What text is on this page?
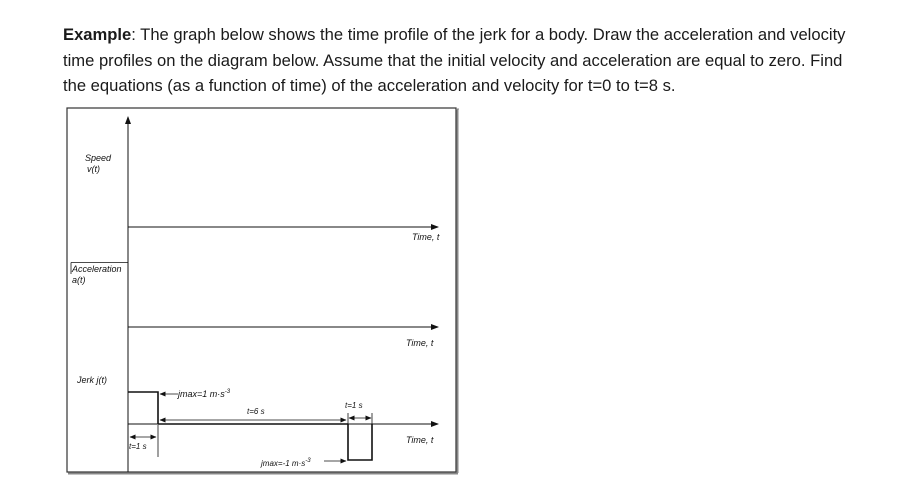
Example: The graph below shows the time profile of the jerk for a body. Draw the acceleration and velocity time profiles on the diagram below. Assume that the initial velocity and acceleration are equal to zero. Find the equations (as a function of time) of the acceleration and velocity for t=0 to t=8 s.

Speed
v(t)
Time, t
Acceleration
a(t)
Time, t
Jerk j(t)
Time, t
jmax=1 $m\cdot s^{-3}$
t=1 s
t=6 s
t=1 s
jmax=-1 $m\cdot s^{-3}$
